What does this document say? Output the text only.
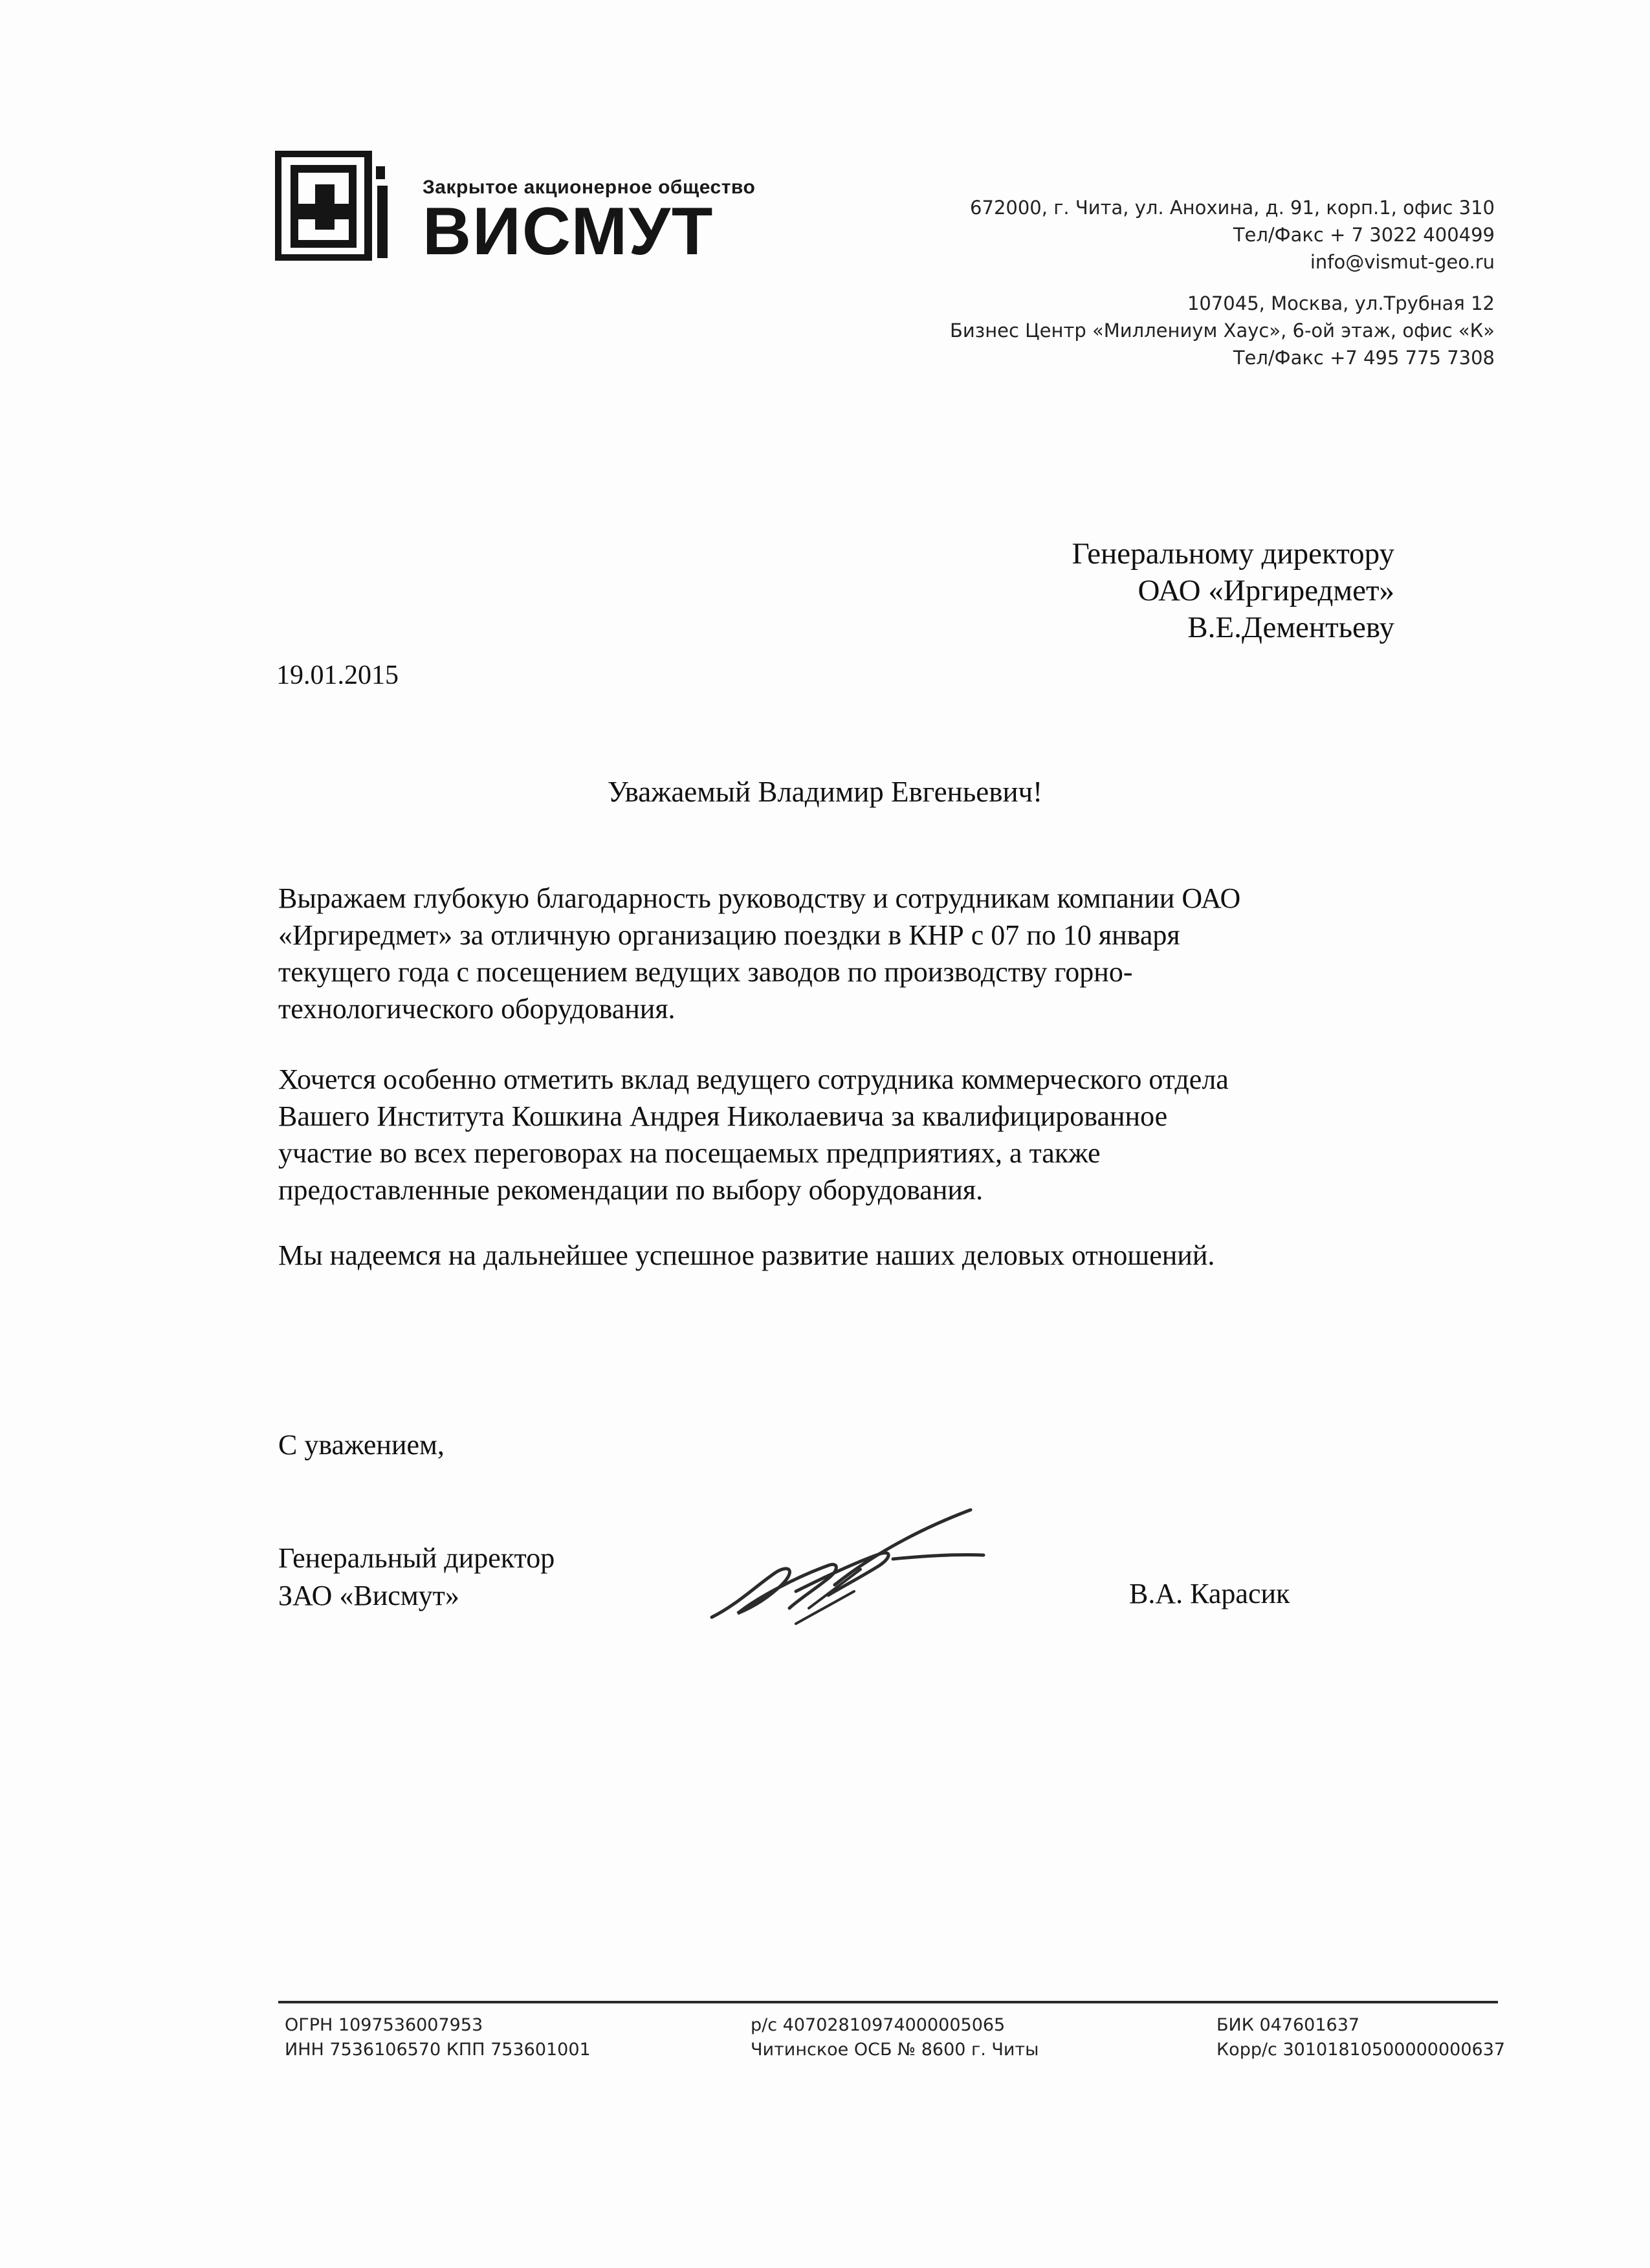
Закрытое акционерное общество
ВИСМУТ	672000, г. Чита, ул. Анохина, д. 91, корп.1, офис 310
Тел/Факс + 7 3022 400499
info@vismut-geo.ru
107045, Москва, ул.Трубная 12
Бизнес Центр «Миллениум Хаус», 6-ой этаж, офис «К»
Тел/Факс +7 495 775 7308
Генеральному директору
ОАО «Иргиредмет»
В.Е.Дементьеву
19.01.2015
Уважаемый Владимир Евгеньевич!
Выражаем глубокую благодарность руководству и сотрудникам компании ОАО
«Иргиредмет» за отличную организацию поездки в КНР с 07 по 10 января
текущего года с посещением ведущих заводов по производству горно-
технологического оборудования.
Хочется особенно отметить вклад ведущего сотрудника коммерческого отдела
Вашего Института Кошкина Андрея Николаевича за квалифицированное
участие во всех переговорах на посещаемых предприятиях, а также
предоставленные рекомендации по выбору оборудования.
Мы надеемся на дальнейшее успешное развитие наших деловых отношений.
С уважением,
Генеральный директор
ЗАО «Висмут»	В.А. Карасик
ОГРН 1097536007953
ИНН 7536106570 КПП 753601001
р/с 40702810974000005065
Читинское ОСБ № 8600 г. Читы
БИК 047601637
Корр/с 30101810500000000637
